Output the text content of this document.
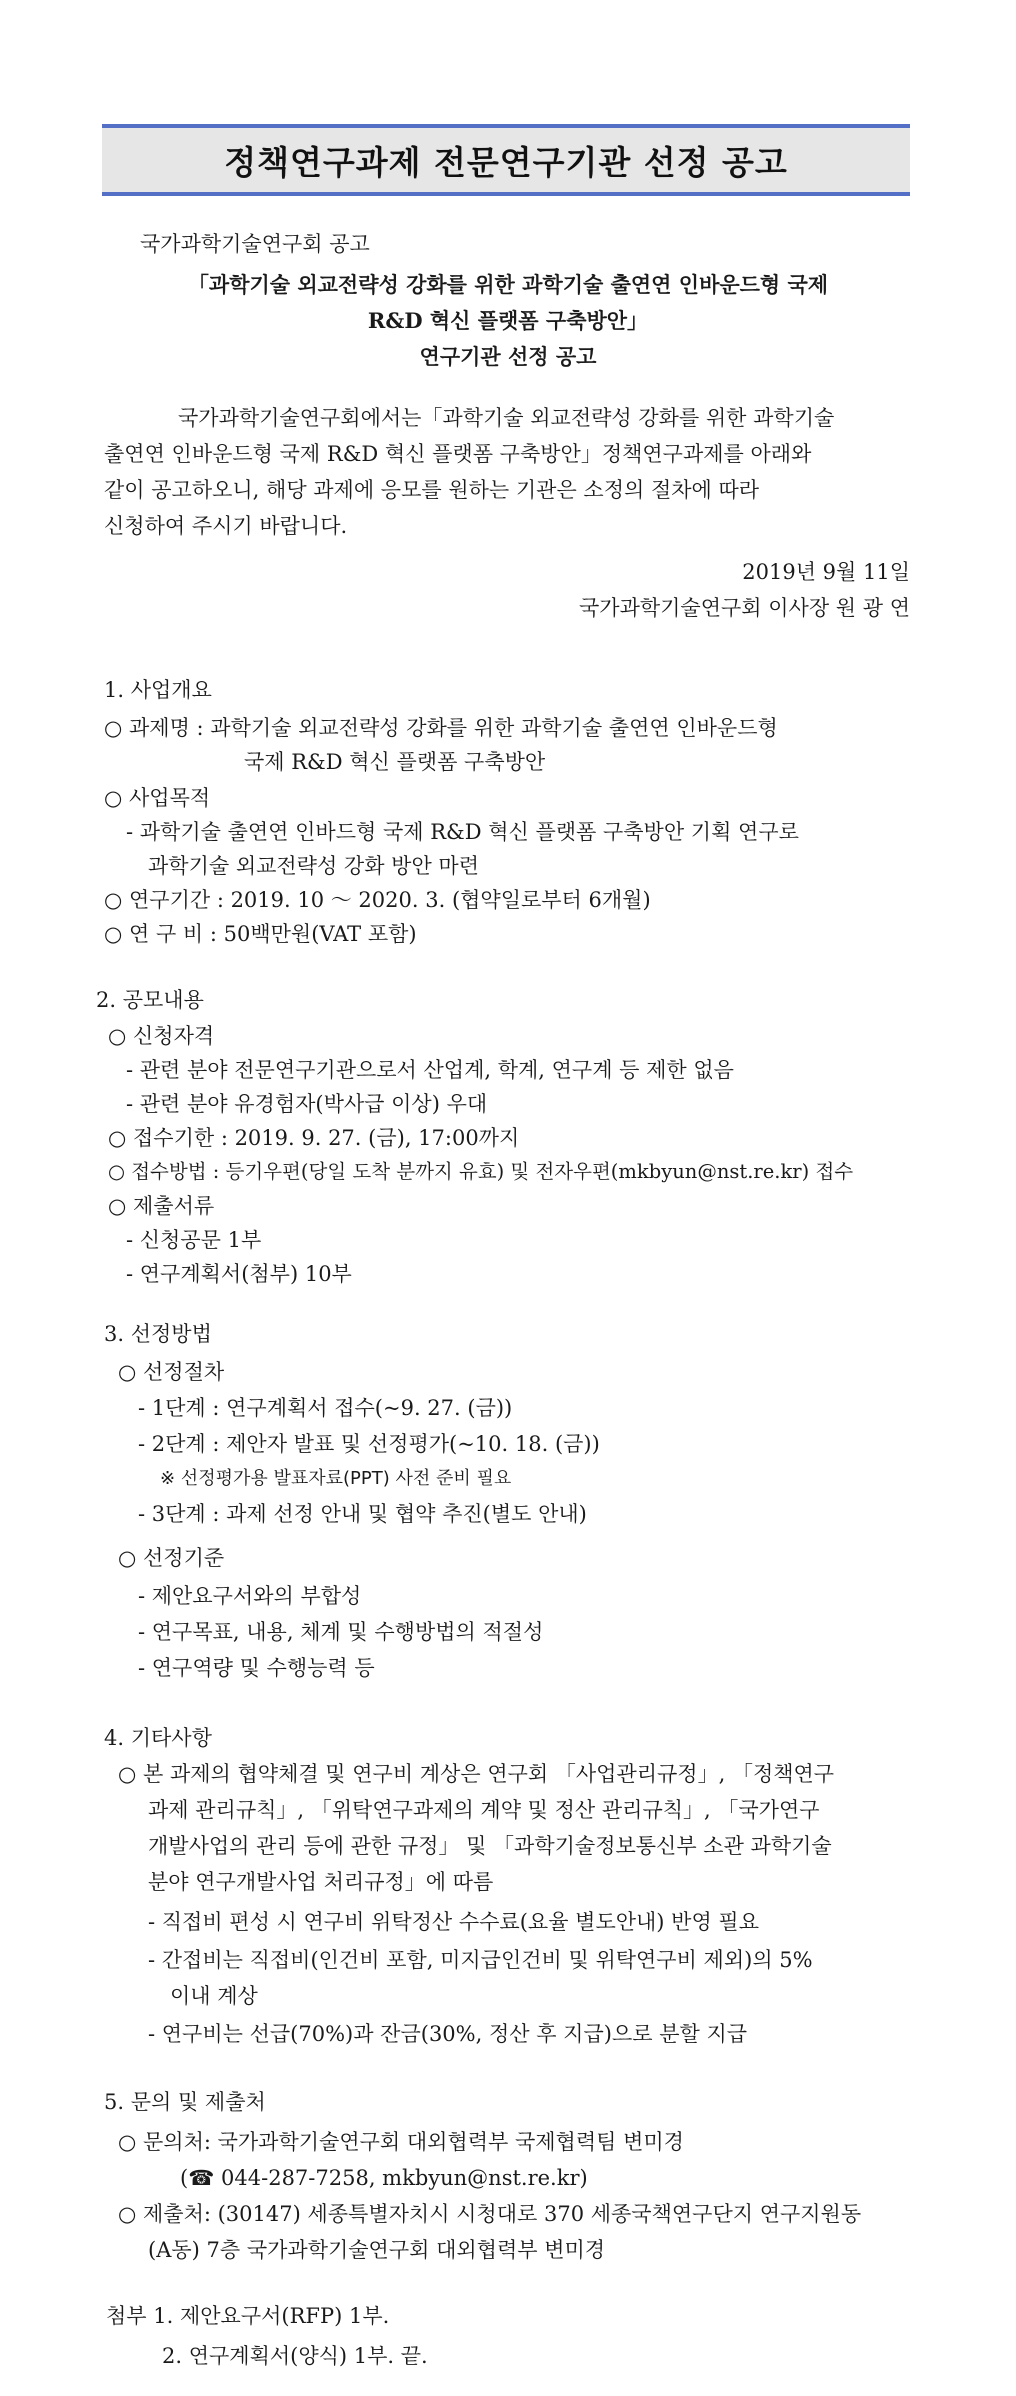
정책연구과제 전문연구기관 선정 공고
국가과학기술연구회 공고
「과학기술 외교전략성 강화를 위한 과학기술 출연연 인바운드형 국제
R&D 혁신 플랫폼 구축방안」
연구기관 선정 공고
국가과학기술연구회에서는「과학기술 외교전략성 강화를 위한 과학기술
출연연 인바운드형 국제 R&D 혁신 플랫폼 구축방안」정책연구과제를 아래와
같이 공고하오니, 해당 과제에 응모를 원하는 기관은 소정의 절차에 따라
신청하여 주시기 바랍니다.
2019년 9월 11일
국가과학기술연구회 이사장 원 광 연
1. 사업개요
○ 과제명 : 과학기술 외교전략성 강화를 위한 과학기술 출연연 인바운드형
국제 R&D 혁신 플랫폼 구축방안
○ 사업목적
- 과학기술 출연연 인바드형 국제 R&D 혁신 플랫폼 구축방안 기획 연구로
과학기술 외교전략성 강화 방안 마련
○ 연구기간 : 2019. 10 ～ 2020. 3. (협약일로부터 6개월)
○ 연 구 비 : 50백만원(VAT 포함)
2. 공모내용
○ 신청자격
- 관련 분야 전문연구기관으로서 산업계, 학계, 연구계 등 제한 없음
- 관련 분야 유경험자(박사급 이상) 우대
○ 접수기한 : 2019. 9. 27. (금), 17:00까지
○ 접수방법 : 등기우편(당일 도착 분까지 유효) 및 전자우편(mkbyun@nst.re.kr) 접수
○ 제출서류
- 신청공문 1부
- 연구계획서(첨부) 10부
3. 선정방법
○ 선정절차
- 1단계 : 연구계획서 접수(~9. 27. (금))
- 2단계 : 제안자 발표 및 선정평가(~10. 18. (금))
※ 선정평가용 발표자료(PPT) 사전 준비 필요
- 3단계 : 과제 선정 안내 및 협약 추진(별도 안내)
○ 선정기준
- 제안요구서와의 부합성
- 연구목표, 내용, 체계 및 수행방법의 적절성
- 연구역량 및 수행능력 등
4. 기타사항
○ 본 과제의 협약체결 및 연구비 계상은 연구회 「사업관리규정」, 「정책연구
과제 관리규칙」, 「위탁연구과제의 계약 및 정산 관리규칙」, 「국가연구
개발사업의 관리 등에 관한 규정」 및 「과학기술정보통신부 소관 과학기술
분야 연구개발사업 처리규정」에 따름
- 직접비 편성 시 연구비 위탁정산 수수료(요율 별도안내) 반영 필요
- 간접비는 직접비(인건비 포함, 미지급인건비 및 위탁연구비 제외)의 5%
이내 계상
- 연구비는 선급(70%)과 잔금(30%, 정산 후 지급)으로 분할 지급
5. 문의 및 제출처
○ 문의처: 국가과학기술연구회 대외협력부 국제협력팀 변미경
(☎ 044-287-7258, mkbyun@nst.re.kr)
○ 제출처: (30147) 세종특별자치시 시청대로 370 세종국책연구단지 연구지원동
(A동) 7층 국가과학기술연구회 대외협력부 변미경
첨부 1. 제안요구서(RFP) 1부.
2. 연구계획서(양식) 1부. 끝.
